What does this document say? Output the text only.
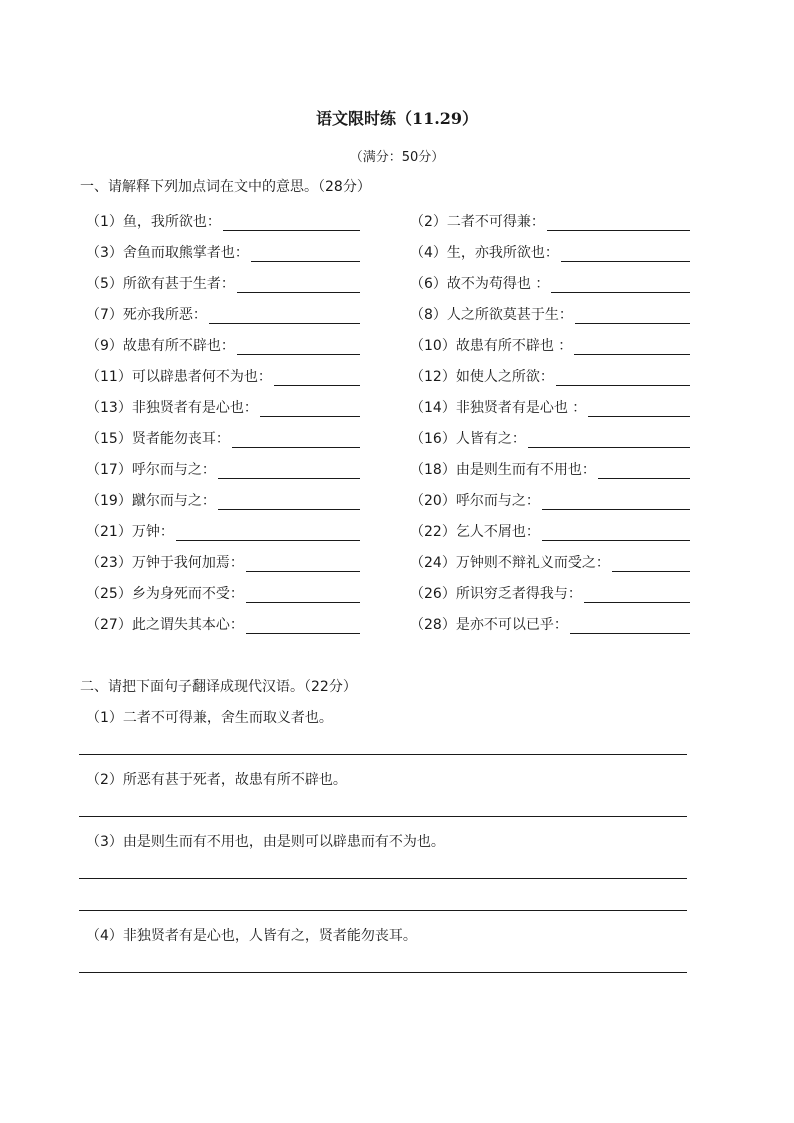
语文限时练（11.29）
（满分：50分）
一、请解释下列加点词在文中的意思。（28分）
（1）鱼，我所欲也：	（2）二者不可得兼：
（3）舍鱼而取熊掌者也：	（4）生，亦我所欲也：
（5）所欲有甚于生者：	（6）故不为苟得也 ：
（7）死亦我所恶：	（8）人之所欲莫甚于生：
（9）故患有所不辟也：	（10）故患有所不辟也 ：
（11）可以辟患者何不为也：	（12）如使人之所欲：
（13）非独贤者有是心也：	（14）非独贤者有是心也 ：
（15）贤者能勿丧耳：	（16）人皆有之：
（17）呼尔而与之：	（18）由是则生而有不用也：
（19）蹴尔而与之：	（20）呼尔而与之：
（21）万钟：	（22）乞人不屑也：
（23）万钟于我何加焉：	（24）万钟则不辩礼义而受之：
（25）乡为身死而不受：	（26）所识穷乏者得我与：
（27）此之谓失其本心：	（28）是亦不可以已乎：
二、请把下面句子翻译成现代汉语。（22分）
（1）二者不可得兼，舍生而取义者也。
（2）所恶有甚于死者，故患有所不辟也。
（3）由是则生而有不用也，由是则可以辟患而有不为也。
（4）非独贤者有是心也，人皆有之，贤者能勿丧耳。
